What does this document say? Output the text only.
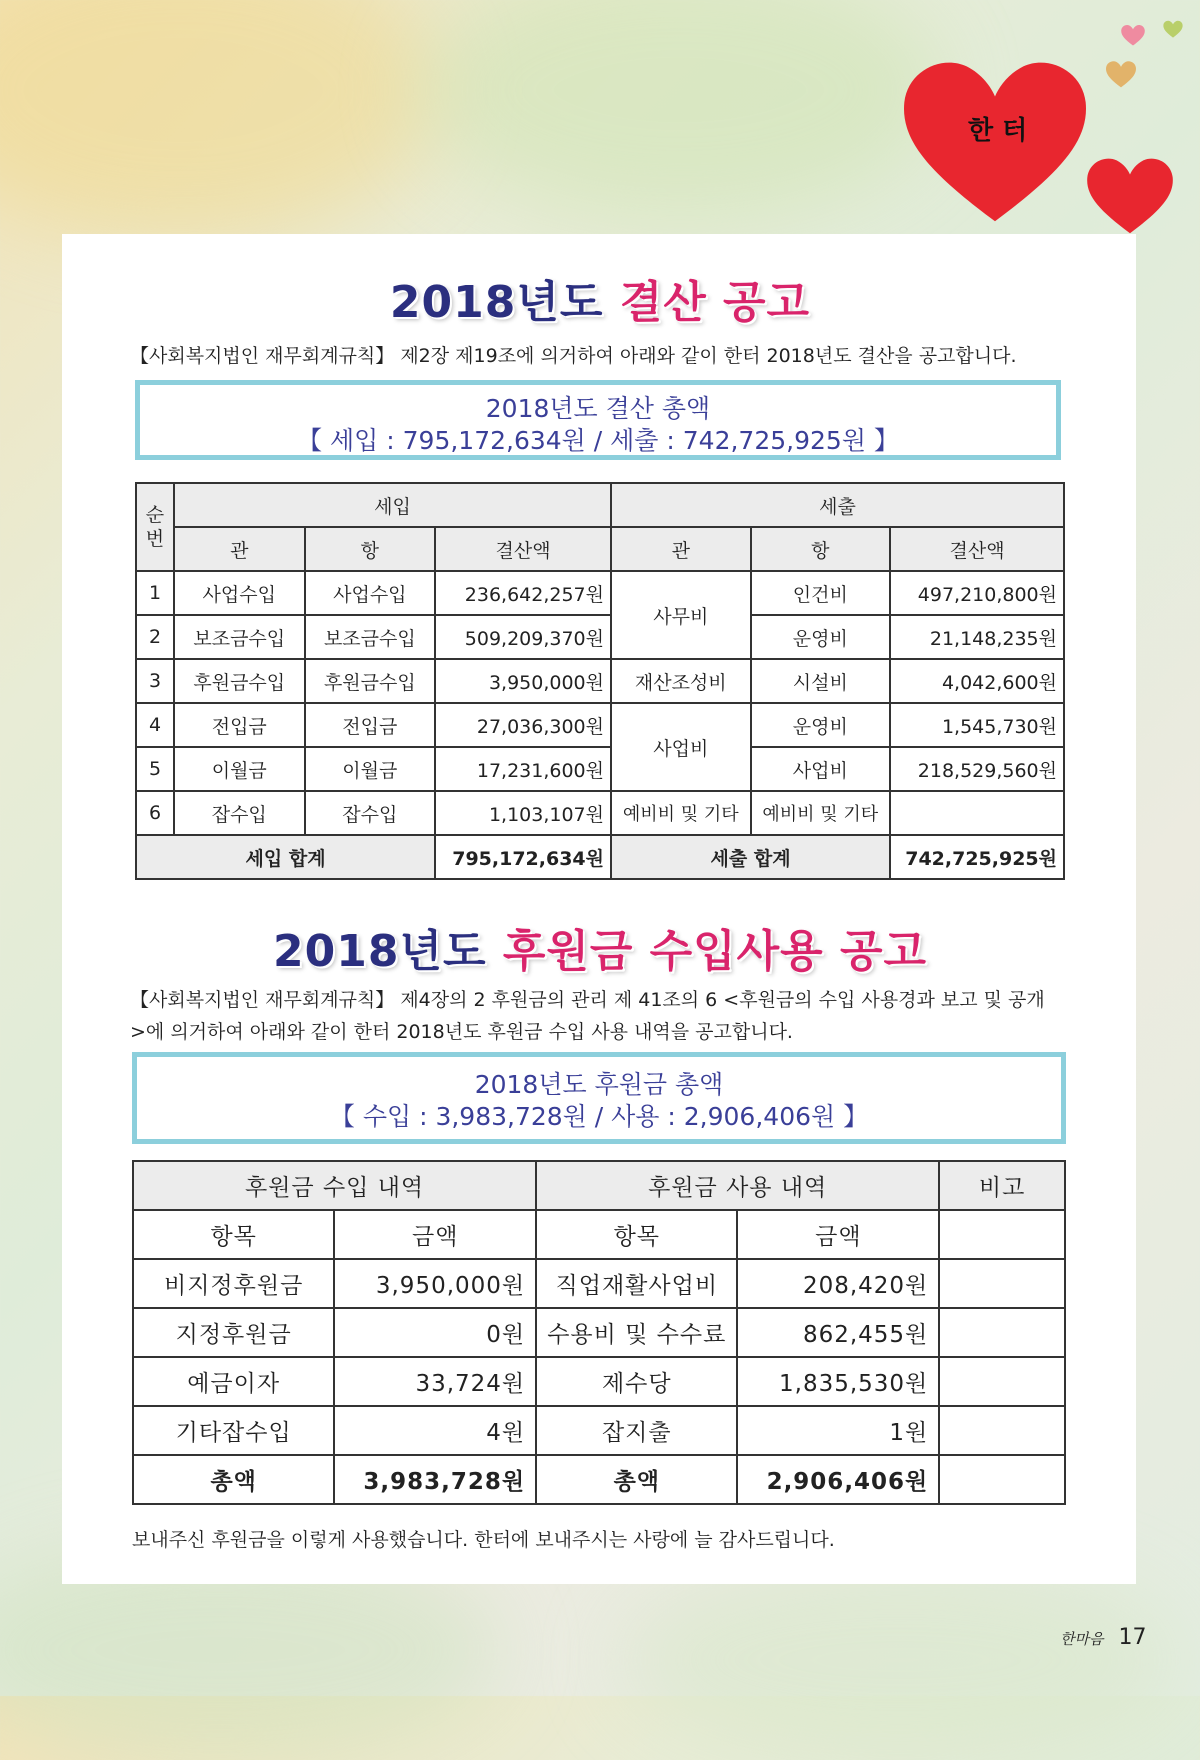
한 터
2018년도 결산 공고
【사회복지법인 재무회계규칙】 제2장 제19조에 의거하여 아래와 같이 한터 2018년도 결산을 공고합니다.
2018년도 결산 총액
【 세입 : 795,172,634원 / 세출 : 742,725,925원 】
순번	세입			세출		
	관	항	결산액	관	항	결산액
1	사업수입	사업수입	236,642,257원	사무비	인건비	497,210,800원
2	보조금수입	보조금수입	509,209,370원		운영비	21,148,235원
3	후원금수입	후원금수입	3,950,000원	재산조성비	시설비	4,042,600원
4	전입금	전입금	27,036,300원	사업비	운영비	1,545,730원
5	이월금	이월금	17,231,600원		사업비	218,529,560원
6	잡수입	잡수입	1,103,107원	예비비 및 기타	예비비 및 기타	
세입 합계			795,172,634원	세출 합계		742,725,925원
2018년도 후원금 수입사용 공고
【사회복지법인 재무회계규칙】 제4장의 2 후원금의 관리 제 41조의 6 <후원금의 수입 사용경과 보고 및 공개
>에 의거하여 아래와 같이 한터 2018년도 후원금 수입 사용 내역을 공고합니다.
2018년도 후원금 총액
【 수입 : 3,983,728원 / 사용 : 2,906,406원 】
후원금 수입 내역		후원금 사용 내역		비고
항목	금액	항목	금액	
비지정후원금	3,950,000원	직업재활사업비	208,420원	
지정후원금	0원	수용비 및 수수료	862,455원	
예금이자	33,724원	제수당	1,835,530원	
기타잡수입	4원	잡지출	1원	
총액	3,983,728원	총액	2,906,406원	
보내주신 후원금을 이렇게 사용했습니다. 한터에 보내주시는 사랑에 늘 감사드립니다.
한마음 17
